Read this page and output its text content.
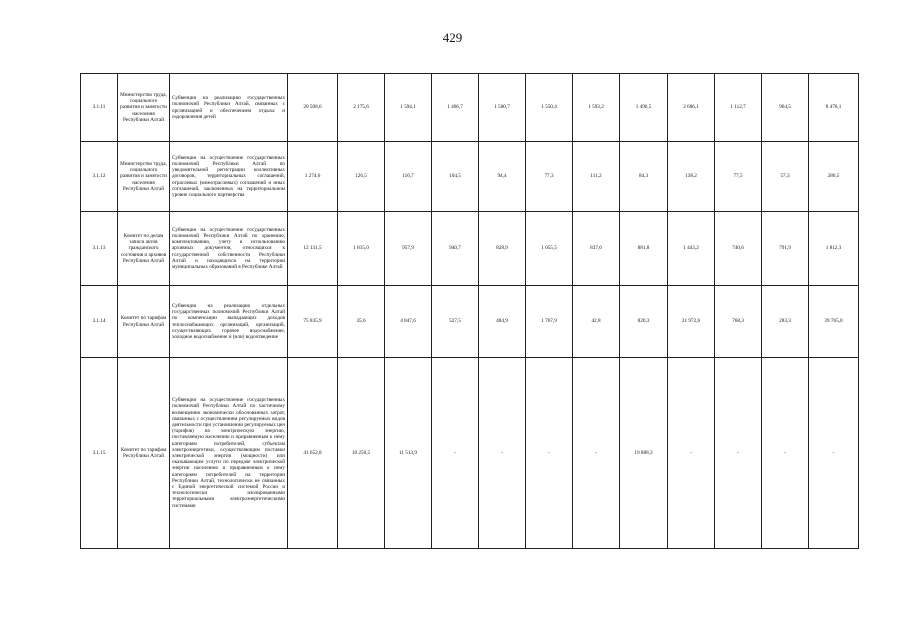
429
3.1.11	Министерство труда, социального развития и занятости населения Республики Алтай	Субвенции на реализацию государственных полномочий Республики Алтай, связанных с организацией и обеспечением отдыха и оздоровления детей	20 508,6	2 175,6	1 594,1	1 466,7	1 500,7	1 550,4	1 593,2	1 496,5	2 606,1	1 112,7	964,5	8 476,1
3.1.12	Министерство труда, социального развития и занятости населения Республики Алтай	Субвенции на осуществление государственных полномочий Республики Алтай по уведомительной регистрации коллективных договоров, территориальных соглашений, отраслевых (межотраслевых) соглашений и иных соглашений, заключенных на территориальном уровне социального партнерства	1 274,6	126,5	116,7	104,5	94,4	77,3	111,2	84,3	138,2	77,5	57,3	286,5
3.1.13	Комитет по делам записи актов гражданского состояния и архивов Республики Алтай	Субвенции на осуществление государственных полномочий Республики Алтай по хранению, комплектованию, учету и использованию архивных документов, относящихся к государственной собственности Республики Алтай и находящихся на территории муниципальных образований в Республике Алтай	12 131,5	1 815,0	957,9	940,7	828,9	1 055,5	837,6	881,8	1 443,2	740,6	791,9	1 812,3
3.1.14	Комитет по тарифам Республики Алтай	Субвенции на реализацию отдельных государственных полномочий Республики Алтай по компенсации выпадающих доходов теплоснабжающих организаций, организаций, осуществляющих горячее водоснабжение, холодное водоснабжение и (или) водоотведение	75 835,9	35,6	4 847,6	527,5	484,9	1 767,9	42,8	820,3	21 972,6	768,3	283,3	39 765,0
3.1.15	Комитет по тарифам Республики Алтай	Субвенции на осуществление государственных полномочий Республики Алтай по частичному возмещению экономически обоснованных затрат, связанных с осуществлением регулируемых видов деятельности при установлении регулируемых цен (тарифов) на электрическую энергию, поставляемую населению и приравненным к нему категориям потребителей, субъектам электроэнергетики, осуществляющим поставки электрической энергии (мощности) или оказывающим услуги по передаче электрической энергии населению и приравненным к нему категориям потребителей на территории Республики Алтай, технологически не связанных с Единой энергетической системой России и технологически изолированными территориальными электроэнергетическими системами	41 652,8	10 250,5	11 513,9	-	-	-	-	19 888,3	-	-	-	-
